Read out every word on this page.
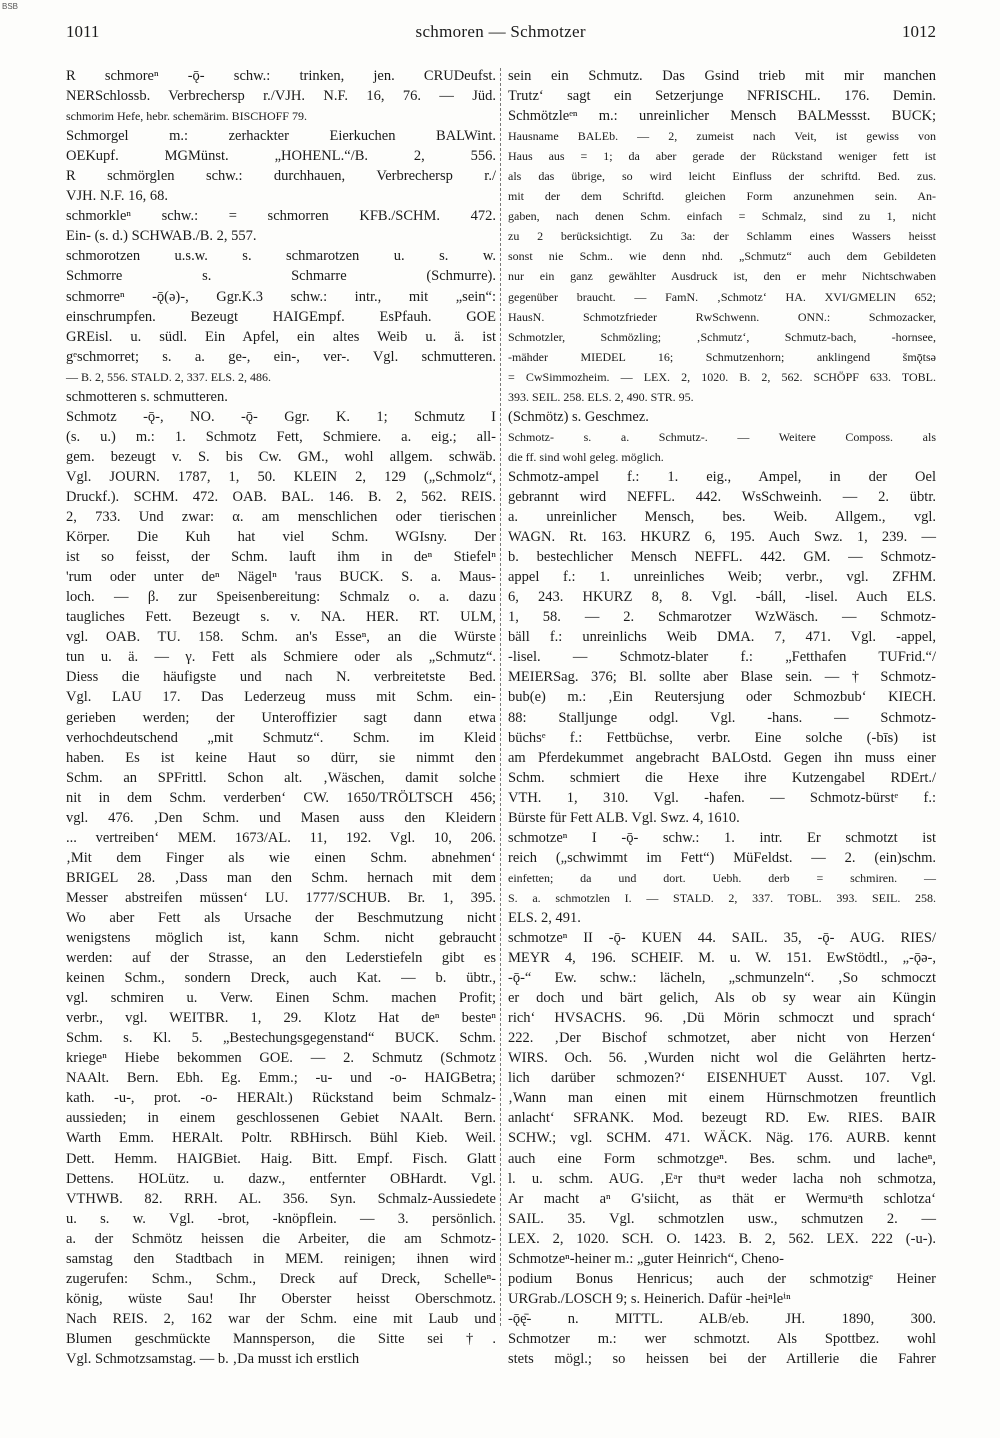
BSB
1011	schmoren — Schmotzer	1012
R schmoreⁿ -ǭ- schw.: trinken, jen. CRUDeufst.
NERSchlossb. Verbrechersp r./VJH. N.F. 16, 76. — Jüd.
schmorim Hefe, hebr. schemärim. BISCHOFF 79.
Schmorgel m.: zerhackter Eierkuchen BALWint.
OEKupf. MGMünst. „HOHENL.“/B. 2, 556.
R schmörglen schw.: durchhauen, Verbrechersp r./
VJH. N.F. 16, 68.
schmorkleⁿ schw.: = schmorren KFB./SCHM. 472.
Ein- (s. d.) SCHWAB./B. 2, 557.
schmorotzen u.s.w. s. schmarotzen u. s. w.
Schmorre s. Schmarre (Schmurre).
schmorreⁿ -ǭ(ə)-, Ggr.K.3 schw.: intr., mit „sein“:
einschrumpfen. Bezeugt HAIGEmpf. EsPfauh. GOE
GREisl. u. südl. Ein Apfel, ein altes Weib u. ä. ist
gᵉschmorret; s. a. ge-, ein-, ver-. Vgl. schmutteren.
— B. 2, 556. STALD. 2, 337. ELS. 2, 486.
schmotteren s. schmutteren.
Schmotz -ǭ-, NO. -ǭ- Ggr. K. 1; Schmutz I
(s. u.) m.: 1. Schmotz Fett, Schmiere. a. eig.; all-
gem. bezeugt v. S. bis Cw. GM., wohl allgem. schwäb.
Vgl. JOURN. 1787, 1, 50. KLEIN 2, 129 („Schmolz“,
Druckf.). SCHM. 472. OAB. BAL. 146. B. 2, 562. REIS.
2, 733. Und zwar: α. am menschlichen oder tierischen
Körper. Die Kuh hat viel Schm. WGIsny. Der
ist so feisst, der Schm. lauft ihm in deⁿ Stiefelⁿ
'rum oder unter deⁿ Nägelⁿ 'raus BUCK. S. a. Maus-
loch. — β. zur Speisenbereitung: Schmalz o. a. dazu
taugliches Fett. Bezeugt s. v. NA. HER. RT. ULM,
vgl. OAB. TU. 158. Schm. an's Esseⁿ, an die Würste
tun u. ä. — γ. Fett als Schmiere oder als „Schmutz“.
Diess die häufigste und nach N. verbreitetste Bed.
Vgl. LAU 17. Das Lederzeug muss mit Schm. ein-
gerieben werden; der Unteroffizier sagt dann etwa
verhochdeutschend „mit Schmutz“. Schm. im Kleid
haben. Es ist keine Haut so dürr, sie nimmt den
Schm. an SPFrittl. Schon alt. ‚Wäschen, damit solche
nit in dem Schm. verderben‘ CW. 1650/TRÖLTSCH 456;
vgl. 476. ‚Den Schm. und Masen auss den Kleidern
... vertreiben‘ MEM. 1673/AL. 11, 192. Vgl. 10, 206.
‚Mit dem Finger als wie einen Schm. abnehmen‘
BRIGEL 28. ‚Dass man den Schm. hernach mit dem
Messer abstreifen müssen‘ LU. 1777/SCHUB. Br. 1, 395.
Wo aber Fett als Ursache der Beschmutzung nicht
wenigstens möglich ist, kann Schm. nicht gebraucht
werden: auf der Strasse, an den Lederstiefeln gibt es
keinen Schm., sondern Dreck, auch Kat. — b. übtr.,
vgl. schmiren u. Verw. Einen Schm. machen Profit;
verbr., vgl. WEITBR. 1, 29. Klotz Hat deⁿ besteⁿ
Schm. s. Kl. 5. „Bestechungsgegenstand“ BUCK. Schm.
kriegeⁿ Hiebe bekommen GOE. — 2. Schmutz (Schmotz
NAAlt. Bern. Ebh. Eg. Emm.; -u- und -o- HAIGBetra;
kath. -u-, prot. -o- HERAlt.) Rückstand beim Schmalz-
aussieden; in einem geschlossenen Gebiet NAAlt. Bern.
Warth Emm. HERAlt. Poltr. RBHirsch. Bühl Kieb. Weil.
Dett. Hemm. HAIGBiet. Haig. Bitt. Empf. Fisch. Glatt
Dettens. HOLütz. u. dazw., entfernter OBHardt. Vgl.
VTHWB. 82. RRH. AL. 356. Syn. Schmalz-Aussiedete
u. s. w. Vgl. -brot, -knöpflein. — 3. persönlich.
a. der Schmötz heissen die Arbeiter, die am Schmotz-
samstag den Stadtbach in MEM. reinigen; ihnen wird
zugerufen: Schm., Schm., Dreck auf Dreck, Schelleⁿ-
könig, wüste Sau! Ihr Oberster heisst Oberschmotz.
Nach REIS. 2, 162 war der Schm. eine mit Laub und
Blumen geschmückte Mannsperson, die Sitte sei †.
Vgl. Schmotzsamstag. — b. ‚Da musst ich erstlich
sein ein Schmutz. Das Gsind trieb mit mir manchen
Trutz‘ sagt ein Setzerjunge NFRISCHL. 176. Demin.
Schmötzleᵉⁿ m.: unreinlicher Mensch BALMessst. BUCK;
Hausname BALEb. — 2, zumeist nach Veit, ist gewiss von
Haus aus = 1; da aber gerade der Rückstand weniger fett ist
als das übrige, so wird leicht Einfluss der schriftd. Bed. zus.
mit der dem Schriftd. gleichen Form anzunehmen sein. An-
gaben, nach denen Schm. einfach = Schmalz, sind zu 1, nicht
zu 2 berücksichtigt. Zu 3a: der Schlamm eines Wassers heisst
sonst nie Schm.. wie denn nhd. „Schmutz“ auch dem Gebildeten
nur ein ganz gewählter Ausdruck ist, den er mehr Nichtschwaben
gegenüber braucht. — FamN. ‚Schmotz‘ HA. XVI/GMELIN 652;
HausN. Schmotzfrieder RwSchwenn. ONN.: Schmozacker,
Schmotzler, Schmözling; ‚Schmutz‘, Schmutz-bach, -hornsee,
-mähder MIEDEL 16; Schmutzenhorn; anklingend šmǭtsə
= CwSimmozheim. — LEX. 2, 1020. B. 2, 562. SCHÖPF 633. TOBL.
393. SEIL. 258. ELS. 2, 490. STR. 95.
(Schmötz) s. Geschmez.
Schmotz- s. a. Schmutz-. — Weitere Composs. als
die ff. sind wohl geleg. möglich.
Schmotz-ampel f.: 1. eig., Ampel, in der Oel
gebrannt wird NEFFL. 442. WsSchweinh. — 2. übtr.
a. unreinlicher Mensch, bes. Weib. Allgem., vgl.
WAGN. Rt. 163. HKURZ 6, 195. Auch Swz. 1, 239. —
b. bestechlicher Mensch NEFFL. 442. GM. — Schmotz-
appel f.: 1. unreinliches Weib; verbr., vgl. ZFHM.
6, 243. HKURZ 8, 8. Vgl. -báll, -lisel. Auch ELS.
1, 58. — 2. Schmarotzer WzWäsch. — Schmotz-
bäll f.: unreinlichs Weib DMA. 7, 471. Vgl. -appel,
-lisel. — Schmotz-blater f.: „Fetthafen TUFrid.“/
MEIERSag. 376; Bl. sollte aber Blase sein. — † Schmotz-
bub(e) m.: ‚Ein Reutersjung oder Schmozbub‘ KIECH.
88: Stalljunge odgl. Vgl. -hans. — Schmotz-
büchsᵉ f.: Fettbüchse, verbr. Eine solche (-bīs) ist
am Pferdekummet angebracht BALOstd. Gegen ihn muss einer
Schm. schmiert die Hexe ihre Kutzengabel RDErt./
VTH. 1, 310. Vgl. -hafen. — Schmotz-bürstᵉ f.:
Bürste für Fett ALB. Vgl. Swz. 4, 1610.
schmotzeⁿ I -ǭ- schw.: 1. intr. Er schmotzt ist
reich („schwimmt im Fett“) MüFeldst. — 2. (ein)schm.
einfetten; da und dort. Uebh. derb = schmiren. —
S. a. schmotzlen I. — STALD. 2, 337. TOBL. 393. SEIL. 258.
ELS. 2, 491.
schmotzeⁿ II -ǭ- KUEN 44. SAIL. 35, -ǭ- AUG. RIES/
MEYR 4, 196. SCHEIF. M. u. W. 151. EwStödtl., „-ǭə-,
-ǭ-“ Ew. schw.: lächeln, „schmunzeln“. ‚So schmoczt
er doch und bärt gelich, Als ob sy wear ain Küngin
rich‘ HVSACHS. 96. ‚Dü Mörin schmoczt und sprach‘
222. ‚Der Bischof schmotzet, aber nicht von Herzen‘
WIRS. Och. 56. ‚Wurden nicht wol die Gelährten hertz-
lich darüber schmozen?‘ EISENHUET Ausst. 107. Vgl.
‚Wann man einen mit einem Hürnschmotzen freuntlich
anlacht‘ SFRANK. Mod. bezeugt RD. Ew. RIES. BAIR
SCHW.; vgl. SCHM. 471. WÄCK. Näg. 176. AURB. kennt
auch eine Form schmotzgeⁿ. Bes. schm. und lacheⁿ,
l. u. schm. AUG. ‚Eᵃr thuᵃt weder lacha noh schmotza,
Ar macht aⁿ G'siicht, as thät er Wermuᵃth schlotza‘
SAIL. 35. Vgl. schmotzlen usw., schmutzen 2. —
LEX. 2, 1020. SCH. O. 1423. B. 2, 562. LEX. 222 (-u-).
Schmotzeⁿ-heiner m.: „guter Heinrich“, Cheno-
podium Bonus Henricus; auch der schmotzigᵉ Heiner
URGrab./LOSCH 9; s. Heinerich. Dafür -heiⁿleⁱⁿ
-ǭę̄- n. MITTL. ALB/eb. JH. 1890, 300.
Schmotzer m.: wer schmotzt. Als Spottbez. wohl
stets mögl.; so heissen bei der Artillerie die Fahrer
